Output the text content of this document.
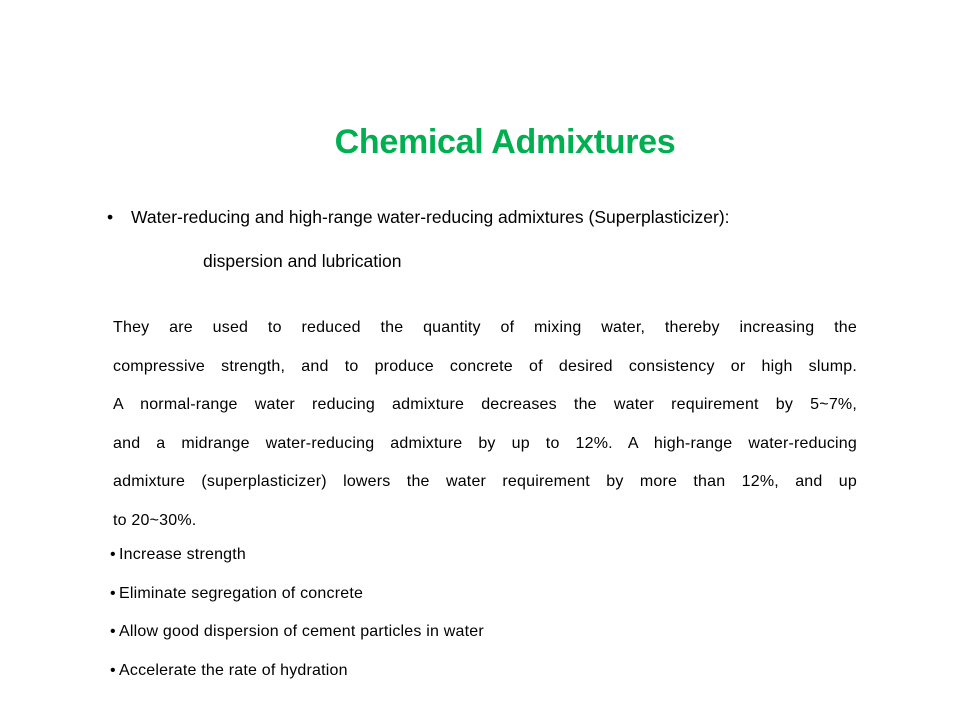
Chemical Admixtures
• Water-reducing and high-range water-reducing admixtures (Superplasticizer):
dispersion and lubrication
They are used to reduced the quantity of mixing water, thereby increasing the
compressive strength, and to produce concrete of desired consistency or high slump.
A normal-range water reducing admixture decreases the water requirement by 5~7%,
and a midrange water-reducing admixture by up to 12%. A high-range water-reducing
admixture (superplasticizer) lowers the water requirement by more than 12%, and up
to 20~30%.
• Increase strength
• Eliminate segregation of concrete
• Allow good dispersion of cement particles in water
• Accelerate the rate of hydration
